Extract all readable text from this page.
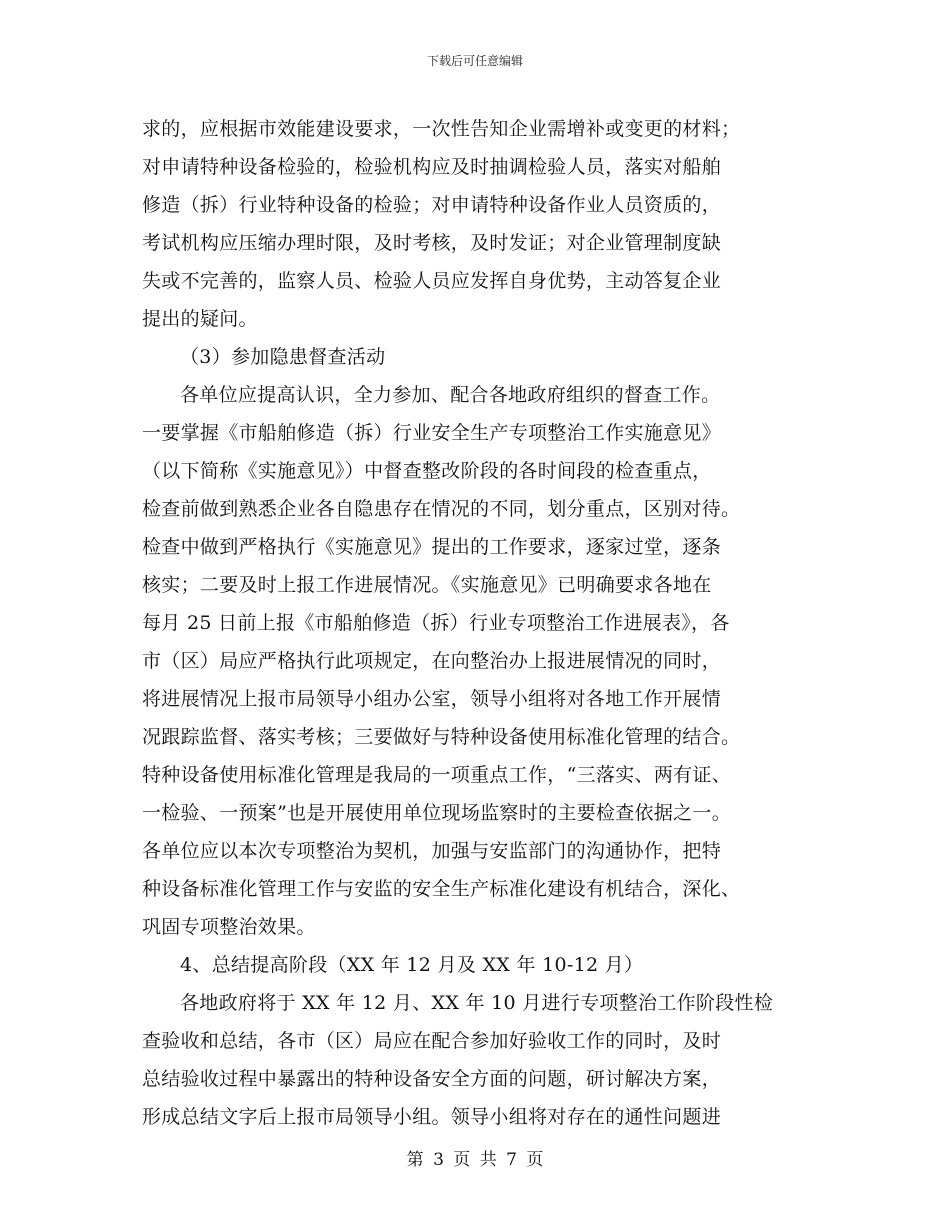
下载后可任意编辑
求的，应根据市效能建设要求，一次性告知企业需增补或变更的材料；
对申请特种设备检验的，检验机构应及时抽调检验人员，落实对船舶
修造（拆）行业特种设备的检验；对申请特种设备作业人员资质的，
考试机构应压缩办理时限，及时考核，及时发证；对企业管理制度缺
失或不完善的，监察人员、检验人员应发挥自身优势，主动答复企业
提出的疑问。
（3）参加隐患督查活动
各单位应提高认识，全力参加、配合各地政府组织的督查工作。
一要掌握《市船舶修造（拆）行业安全生产专项整治工作实施意见》
（以下简称《实施意见》）中督查整改阶段的各时间段的检查重点，
检查前做到熟悉企业各自隐患存在情况的不同，划分重点，区别对待。
检查中做到严格执行《实施意见》提出的工作要求，逐家过堂，逐条
核实；二要及时上报工作进展情况。《实施意见》已明确要求各地在
每月 25 日前上报《市船舶修造（拆）行业专项整治工作进展表》，各
市（区）局应严格执行此项规定，在向整治办上报进展情况的同时，
将进展情况上报市局领导小组办公室，领导小组将对各地工作开展情
况跟踪监督、落实考核；三要做好与特种设备使用标准化管理的结合。
特种设备使用标准化管理是我局的一项重点工作，“三落实、两有证、
一检验、一预案”也是开展使用单位现场监察时的主要检查依据之一。
各单位应以本次专项整治为契机，加强与安监部门的沟通协作，把特
种设备标准化管理工作与安监的安全生产标准化建设有机结合，深化、
巩固专项整治效果。
4、总结提高阶段（XX 年 12 月及 XX 年 10-12 月）
各地政府将于 XX 年 12 月、XX 年 10 月进行专项整治工作阶段性检
查验收和总结，各市（区）局应在配合参加好验收工作的同时，及时
总结验收过程中暴露出的特种设备安全方面的问题，研讨解决方案，
形成总结文字后上报市局领导小组。领导小组将对存在的通性问题进
第 3 页 共 7 页
